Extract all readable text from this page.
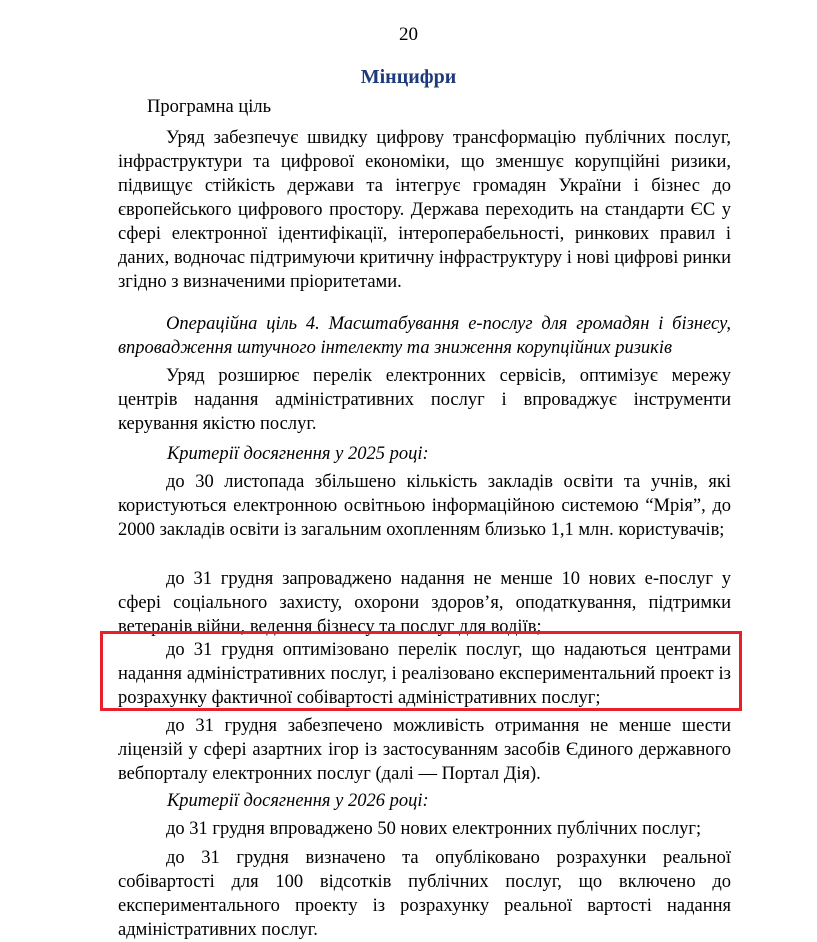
20
Мінцифри
Програмна ціль
Уряд забезпечує швидку цифрову трансформацію публічних послуг, інфраструктури та цифрової економіки, що зменшує корупційні ризики, підвищує стійкість держави та інтегрує громадян України і бізнес до європейського цифрового простору. Держава переходить на стандарти ЄС у сфері електронної ідентифікації, інтероперабельності, ринкових правил і даних, водночас підтримуючи критичну інфраструктуру і нові цифрові ринки згідно з визначеними пріоритетами.
Операційна ціль 4. Масштабування е-послуг для громадян і бізнесу, впровадження штучного інтелекту та зниження корупційних ризиків
Уряд розширює перелік електронних сервісів, оптимізує мережу центрів надання адміністративних послуг і впроваджує інструменти керування якістю послуг.
Критерії досягнення у 2025 році:
до 30 листопада збільшено кількість закладів освіти та учнів, які користуються електронною освітньою інформаційною системою “Мрія”, до 2000 закладів освіти із загальним охопленням близько 1,1 млн. користувачів;
до 31 грудня запроваджено надання не менше 10 нових е-послуг у сфері соціального захисту, охорони здоров’я, оподаткування, підтримки ветеранів війни, ведення бізнесу та послуг для водіїв;
до 31 грудня оптимізовано перелік послуг, що надаються центрами надання адміністративних послуг, і реалізовано експериментальний проект із розрахунку фактичної собівартості адміністративних послуг;
до 31 грудня забезпечено можливість отримання не менше шести ліцензій у сфері азартних ігор із застосуванням засобів Єдиного державного вебпорталу електронних послуг (далі — Портал Дія).
Критерії досягнення у 2026 році:
до 31 грудня впроваджено 50 нових електронних публічних послуг;
до 31 грудня визначено та опубліковано розрахунки реальної собівартості для 100 відсотків публічних послуг, що включено до експериментального проекту із розрахунку реальної вартості надання адміністративних послуг.
